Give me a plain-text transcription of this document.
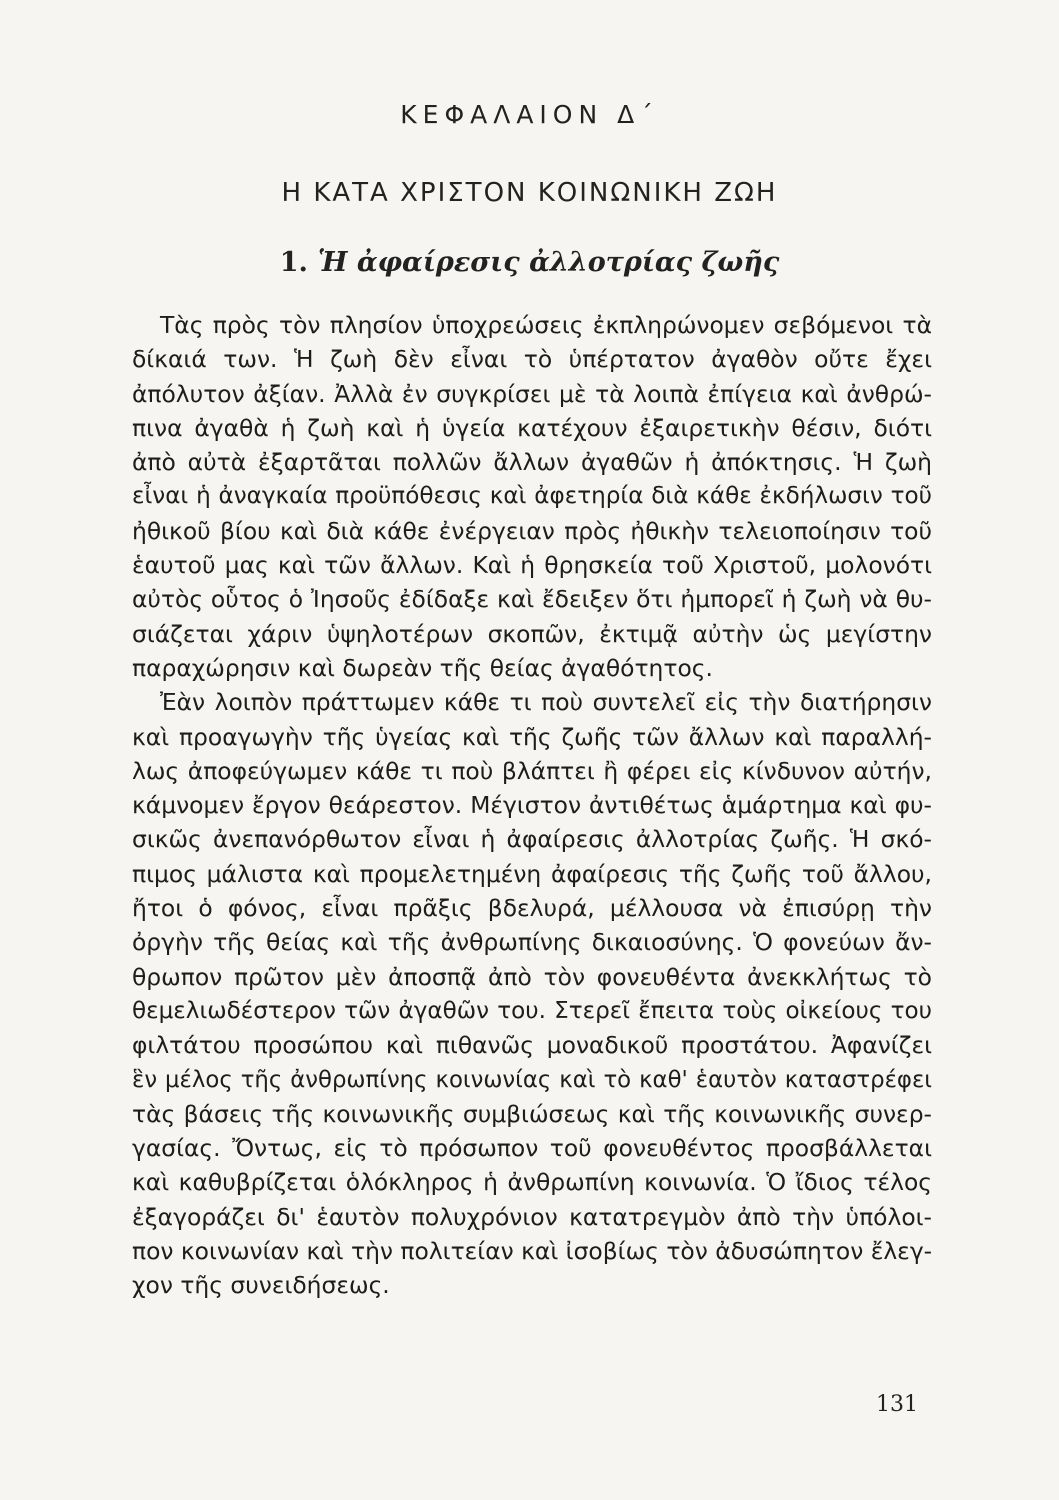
ΚΕΦΑΛΑΙΟΝ Δ΄
Η ΚΑΤΑ ΧΡΙΣΤΟΝ ΚΟΙΝΩΝΙΚΗ ΖΩΗ
1. Ἡ ἀφαίρεσις ἀλλοτρίας ζωῆς
Τὰς πρὸς τὸν πλησίον ὑποχρεώσεις ἐκπληρώνομεν σεβόμενοι τὰ
δίκαιά των. Ἡ ζωὴ δὲν εἶναι τὸ ὑπέρτατον ἀγαθὸν οὔτε ἔχει
ἀπόλυτον ἀξίαν. Ἀλλὰ ἐν συγκρίσει μὲ τὰ λοιπὰ ἐπίγεια καὶ ἀνθρώ-
πινα ἀγαθὰ ἡ ζωὴ καὶ ἡ ὑγεία κατέχουν ἐξαιρετικὴν θέσιν, διότι
ἀπὸ αὐτὰ ἐξαρτᾶται πολλῶν ἄλλων ἀγαθῶν ἡ ἀπόκτησις. Ἡ ζωὴ
εἶναι ἡ ἀναγκαία προϋπόθεσις καὶ ἀφετηρία διὰ κάθε ἐκδήλωσιν τοῦ
ἠθικοῦ βίου καὶ διὰ κάθε ἐνέργειαν πρὸς ἠθικὴν τελειοποίησιν τοῦ
ἑαυτοῦ μας καὶ τῶν ἄλλων. Καὶ ἡ θρησκεία τοῦ Χριστοῦ, μολονότι
αὐτὸς οὗτος ὁ Ἰησοῦς ἐδίδαξε καὶ ἔδειξεν ὅτι ἠμπορεῖ ἡ ζωὴ νὰ θυ-
σιάζεται χάριν ὑψηλοτέρων σκοπῶν, ἐκτιμᾷ αὐτὴν ὡς μεγίστην
παραχώρησιν καὶ δωρεὰν τῆς θείας ἀγαθότητος.
Ἐὰν λοιπὸν πράττωμεν κάθε τι ποὺ συντελεῖ εἰς τὴν διατήρησιν
καὶ προαγωγὴν τῆς ὑγείας καὶ τῆς ζωῆς τῶν ἄλλων καὶ παραλλή-
λως ἀποφεύγωμεν κάθε τι ποὺ βλάπτει ἢ φέρει εἰς κίνδυνον αὐτήν,
κάμνομεν ἔργον θεάρεστον. Μέγιστον ἀντιθέτως ἁμάρτημα καὶ φυ-
σικῶς ἀνεπανόρθωτον εἶναι ἡ ἀφαίρεσις ἀλλοτρίας ζωῆς. Ἡ σκό-
πιμος μάλιστα καὶ προμελετημένη ἀφαίρεσις τῆς ζωῆς τοῦ ἄλλου,
ἤτοι ὁ φόνος, εἶναι πρᾶξις βδελυρά, μέλλουσα νὰ ἐπισύρῃ τὴν
ὀργὴν τῆς θείας καὶ τῆς ἀνθρωπίνης δικαιοσύνης. Ὁ φονεύων ἄν-
θρωπον πρῶτον μὲν ἀποσπᾷ ἀπὸ τὸν φονευθέντα ἀνεκκλήτως τὸ
θεμελιωδέστερον τῶν ἀγαθῶν του. Στερεῖ ἔπειτα τοὺς οἰκείους του
φιλτάτου προσώπου καὶ πιθανῶς μοναδικοῦ προστάτου. Ἀφανίζει
ἓν μέλος τῆς ἀνθρωπίνης κοινωνίας καὶ τὸ καθ' ἑαυτὸν καταστρέφει
τὰς βάσεις τῆς κοινωνικῆς συμβιώσεως καὶ τῆς κοινωνικῆς συνερ-
γασίας. Ὄντως, εἰς τὸ πρόσωπον τοῦ φονευθέντος προσβάλλεται
καὶ καθυβρίζεται ὁλόκληρος ἡ ἀνθρωπίνη κοινωνία. Ὁ ἴδιος τέλος
ἐξαγοράζει δι' ἑαυτὸν πολυχρόνιον κατατρεγμὸν ἀπὸ τὴν ὑπόλοι-
πον κοινωνίαν καὶ τὴν πολιτείαν καὶ ἰσοβίως τὸν ἀδυσώπητον ἔλεγ-
χον τῆς συνειδήσεως.
131
